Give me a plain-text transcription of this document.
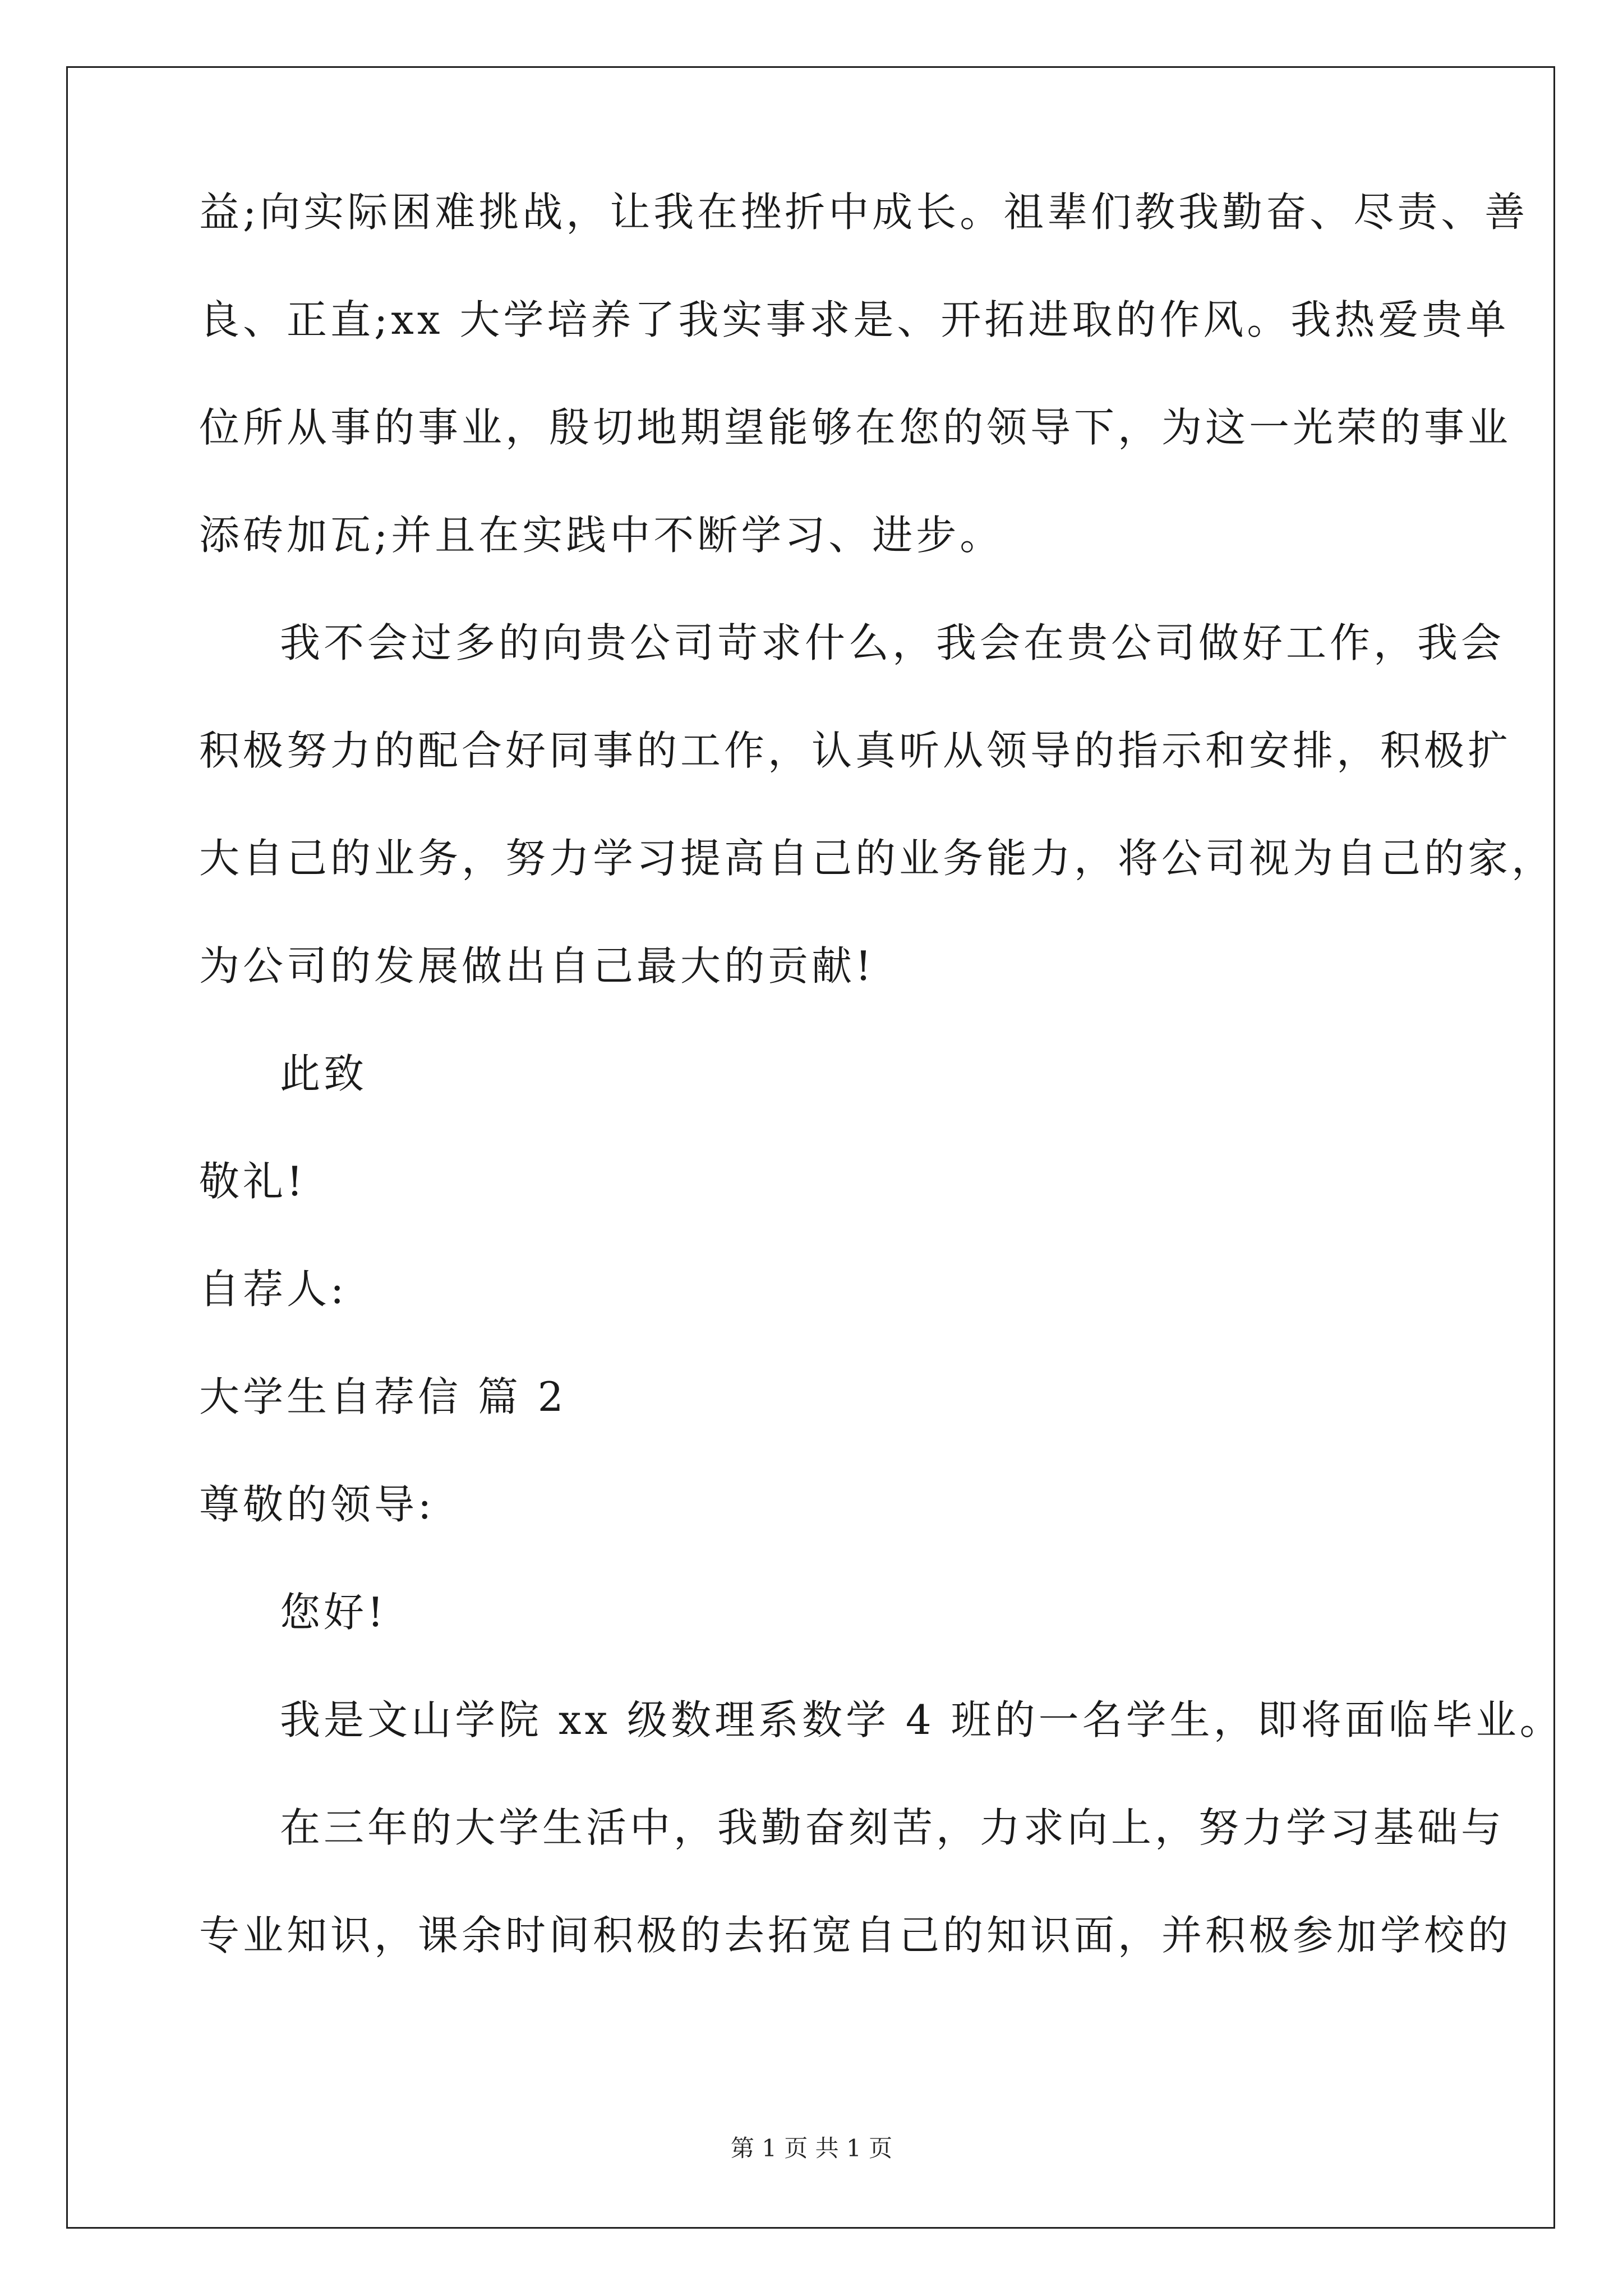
益;向实际困难挑战，让我在挫折中成长。祖辈们教我勤奋、尽责、善
良、正直;xx 大学培养了我实事求是、开拓进取的作风。我热爱贵单
位所从事的事业，殷切地期望能够在您的领导下，为这一光荣的事业
添砖加瓦;并且在实践中不断学习、进步。
我不会过多的向贵公司苛求什么，我会在贵公司做好工作，我会
积极努力的配合好同事的工作，认真听从领导的指示和安排，积极扩
大自己的业务，努力学习提高自己的业务能力，将公司视为自己的家，
为公司的发展做出自己最大的贡献!
此致
敬礼!
自荐人:
大学生自荐信 篇 2
尊敬的领导:
您好!
我是文山学院 xx 级数理系数学 4 班的一名学生，即将面临毕业。
在三年的大学生活中，我勤奋刻苦，力求向上，努力学习基础与
专业知识，课余时间积极的去拓宽自己的知识面，并积极参加学校的
第 1 页 共 1 页
